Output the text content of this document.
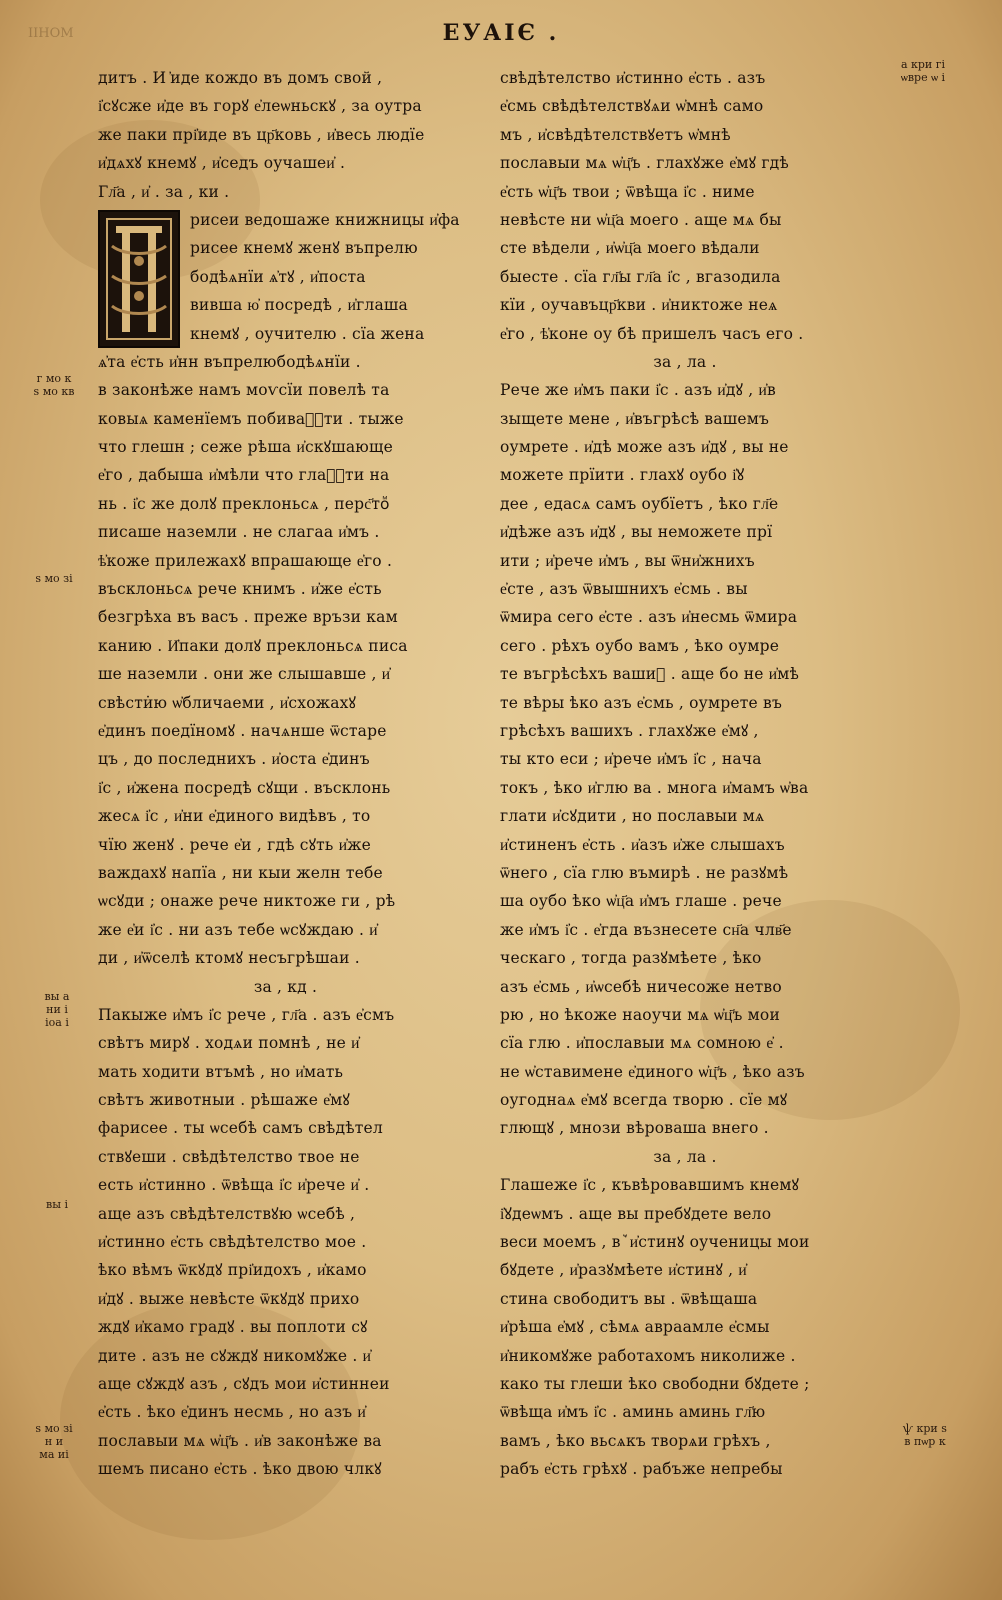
ІІНОМ	ЕУАІЄ .
дитъ . И ҆иде кождо въ домъ свой ,
і҆сꙋсже и҆де въ горꙋ е҆леѡньскꙋ , за оутра
же паки прі҆иде въ цр҃ковь , и҆весь людїе
и҆дѧхꙋ кнемꙋ , и҆седъ оучашеи҆ .
Гл҃а , и҆ . за , ки .
рисеи ведошаже книжницы и҆фа
рисее кнемꙋ женꙋ въпрелю
бодѣѧнїи ѧ҆тꙋ , и҆поста
вивша ю҆ посредѣ , и҆глаша
кнемꙋ , оучителю . сїа жена
ѧ҆та е҆сть и҆нн въпрелюбодѣѧнїи .
в законѣже намъ моѵсїи повелѣ та
ковыѧ каменїемъ побиваⷮ҇ти . тыже
что глешн ; сеже рѣша и҆скꙋшающе
е҆го , дабыша и҆мѣли что глаⷮ҇ти на
нь . і҆с же долꙋ преклоньсѧ , перс҃тоⷨ
писаше наземли . не слагаа и҆мъ .
ѣ҆коже прилежахꙋ впрашающе е҆го .
въсклоньсѧ рече книмъ . и҆же е҆сть
безгрѣха въ васъ . преже връзи кам
канию . И҆паки долꙋ преклоньсѧ писа
ше наземли . они же слышавше , и҆
свѣсти̇ю ѡ҆бличаеми , и҆схожахꙋ
е҆динъ поедїномꙋ . начѧнше ѿстаре
цъ , до последнихъ . и҆оста е҆динъ
і҆с , и҆жена посредѣ сꙋщи . въсклонь
жесѧ і҆с , и҆ни е҆диного видѣвъ , то
чїю женꙋ . рече е҆и , гдѣ сꙋть и҆же
важдахꙋ напїа , ни кыи желн тебе
ѡсꙋди ; онаже рече никтоже ги , рѣ
же е҆и і҆с . ни азъ тебе ѡсꙋждаю . и҆
ди , и҆ѿселѣ ктомꙋ несъгрѣшаи .
за , кд .
Пакыже и҆мъ і҆с рече , гл҃а . азъ е҆смъ
свѣтъ мирꙋ . ходѧи помнѣ , не и҆
мать ходити втъмѣ , но и҆мать
свѣтъ животныи . рѣшаже е҆мꙋ
фарисее . ты ѡсебѣ самъ свѣдѣтел
ствꙋеши . свѣдѣтелство твое не
есть и҆стинно . ѿвѣща і҆с и҆рече и҆ .
аще азъ свѣдѣтелствꙋю ѡсебѣ ,
и҆стинно е҆сть свѣдѣтелство мое .
ѣко вѣмъ ѿкꙋдꙋ прі҆идохъ , и҆камо
и҆дꙋ . выже невѣсте ѿкꙋдꙋ прихо
ждꙋ и҆камо градꙋ . вы поплоти сꙋ
дите . азъ не сꙋждꙋ никомꙋже . и҆
аще сꙋждꙋ азъ , сꙋдъ мои и҆стиннеи
е҆сть . ѣко е҆динъ несмь , но азъ и҆
пославыи мѧ ѡ҆ц҃ъ . и҆в законѣже ва
шемъ писано е҆сть . ѣко двою члкꙋ
свѣдѣтелство и҆стинно е҆сть . азъ
е҆смь свѣдѣтелствꙋѧи ѡ҆мнѣ само
мъ , и҆свѣдѣтелствꙋетъ ѡ҆мнѣ
пославыи мѧ ѡ҆ц҃ъ . глахꙋже е҆мꙋ гдѣ
е҆сть ѡ҆ц҃ъ твои ; ѿвѣща і҆с . ниме
невѣсте ни ѡ҆ц҃а моего . аще мѧ бы
сте вѣдели , и҆ѡ҆ц҃а моего вѣдали
быесте . сїа гл҃ы гл҃а і҆с , вгазодила
кїи , оучавъцр҃кви . и҆никтоже неѧ
е҆го , ѣ҆коне оу бѣ пришелъ часъ его .
за , ла .
Рече же и҆мъ паки і҆с . азъ и҆дꙋ , и҆в
зыщете мене , и҆въгрѣсѣ вашемъ
оумрете . и҆дѣ може азъ и҆дꙋ , вы не
можете прїити . глахꙋ оубо і҆ꙋ
дее , едасѧ самъ оубїетъ , ѣко гл҃е
и҆дѣже азъ и҆дꙋ , вы неможете прї
ити ; и҆рече и҆мъ , вы ѿни҆жнихъ
е҆сте , азъ ѿвышнихъ е҆смь . вы
ѿмира сего е҆сте . азъ и҆несмь ѿмира
сего . рѣхъ оубо вамъ , ѣко оумре
те въгрѣсѣхъ вашиⷯ . аще бо не и҆мѣ
те вѣры ѣко азъ е҆смь , оумрете въ
грѣсѣхъ вашихъ . глахꙋже е҆мꙋ ,
ты кто еси ; и҆рече и҆мъ і҆с , нача
токъ , ѣко и҆глю ва . многа и҆мамъ ѡ҆ва
глати и҆сꙋдити , но пославыи мѧ
и҆стиненъ е҆сть . и҆азъ и҆же слышахъ
ѿнего , сїа глю въмирѣ . не разꙋмѣ
ша оубо ѣко ѡ҆ц҃а и҆мъ глаше . рече
же и҆мъ і҆с . е҆гда възнесете сн҃а члв҃е
ческаго , тогда разꙋмѣете , ѣко
азъ е҆смь , и҆ѡсебѣ ничесоже нетво
рю , но ѣкоже наоучи мѧ ѡ҆ц҃ъ мои
сїа глю . и҆пославыи мѧ сомною е҆ .
не ѡ҆ставимене е҆диного ѡ҆ц҃ъ , ѣко азъ
оугоднаѧ е҆мꙋ всегда творю . сїе мꙋ
глющꙋ , мнози вѣроваша внего .
за , ла .
Глашеже і҆с , къвѣровавшимъ кнемꙋ
і҆ꙋдеѡмъ . аще вы пребꙋдете вело
веси моемъ , вꙿи҆стинꙋ оученицы мои
бꙋдете , и҆разꙋмѣете и҆стинꙋ , и҆
стина свободитъ вы . ѿвѣщаша
и҆рѣша е҆мꙋ , сѣмѧ авраамле е҆смы
и҆никомꙋже работахомъ николиже .
како ты глеши ѣко свободни бꙋдете ;
ѿвѣща и҆мъ і҆с . аминь аминь гл҃ю
вамъ , ѣко вьсѧкъ творѧи грѣхъ ,
рабъ е҆сть грѣхꙋ . рабъже непребы
а кри гі
ѡвре ѡ і
г мо к
ѕ мо кв
ѕ мо зі
вы а
ни і
іоа і
вы і
ѕ мо зі
н и
ма иі
ѱ кри ѕ
в пѡр к
